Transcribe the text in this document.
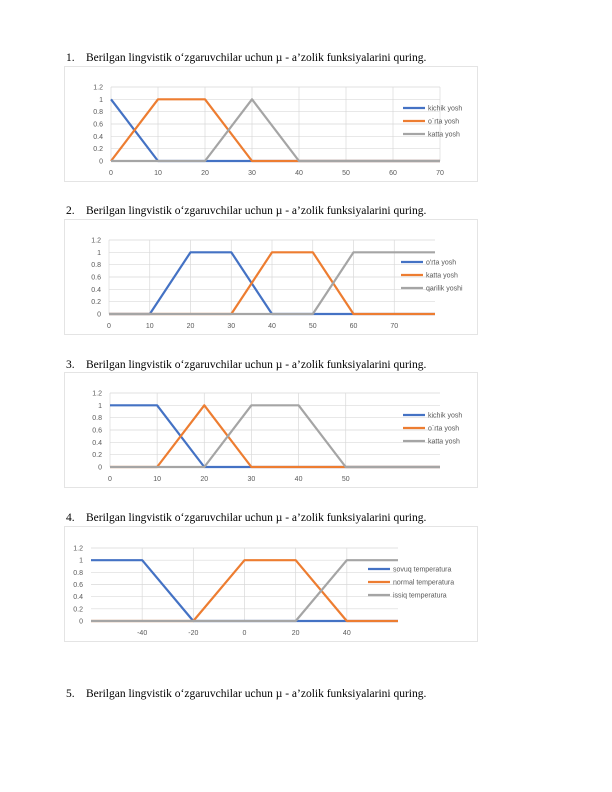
1. Berilgan lingvistik o‘zgaruvchilar uchun µ - a’zolik funksiyalarini quring.
2. Berilgan lingvistik o‘zgaruvchilar uchun µ - a’zolik funksiyalarini quring.
3. Berilgan lingvistik o‘zgaruvchilar uchun µ - a’zolik funksiyalarini quring.
4. Berilgan lingvistik o‘zgaruvchilar uchun µ - a’zolik funksiyalarini quring.
5. Berilgan lingvistik o‘zgaruvchilar uchun µ - a’zolik funksiyalarini quring.
0
0.2
0.4
0.6
0.8
1
1.2
0	10	20	30	40	50	60	70
kichik yosh
o`rta yosh
katta yosh
0
0.2
0.4
0.6
0.8
1
1.2
0	10	20	30	40	50	60	70
o'rta yosh
katta yosh
qarilik yoshi
0
0.2
0.4
0.6
0.8
1
1.2
0	10	20	30	40	50
kichik yosh
o`rta yosh
katta yosh
0
0.2
0.4
0.6
0.8
1
1.2
-40	-20	0	20	40
sovuq temperatura
normal temperatura
issiq temperatura
